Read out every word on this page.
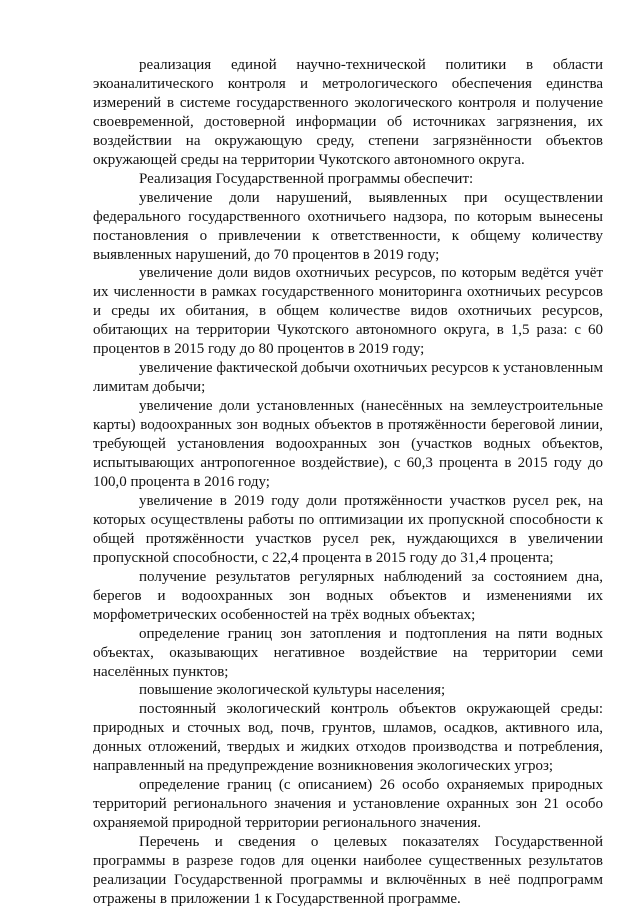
реализация единой научно-технической политики в области экоаналитического контроля и метрологического обеспечения единства измерений в системе государственного экологического контроля и получение своевременной, достоверной информации об источниках загрязнения, их воздействии на окружающую среду, степени загрязнённости объектов окружающей среды на территории Чукотского автономного округа.

Реализация Государственной программы обеспечит:

увеличение доли нарушений, выявленных при осуществлении федерального государственного охотничьего надзора, по которым вынесены постановления о привлечении к ответственности, к общему количеству выявленных нарушений, до 70 процентов в 2019 году;

увеличение доли видов охотничьих ресурсов, по которым ведётся учёт их численности в рамках государственного мониторинга охотничьих ресурсов и среды их обитания, в общем количестве видов охотничьих ресурсов, обитающих на территории Чукотского автономного округа, в 1,5 раза: с 60 процентов в 2015 году до 80 процентов в 2019 году;

увеличение фактической добычи охотничьих ресурсов к установленным лимитам добычи;

увеличение доли установленных (нанесённых на землеустроительные карты) водоохранных зон водных объектов в протяжённости береговой линии, требующей установления водоохранных зон (участков водных объектов, испытывающих антропогенное воздействие), с 60,3 процента в 2015 году до 100,0 процента в 2016 году;

увеличение в 2019 году доли протяжённости участков русел рек, на которых осуществлены работы по оптимизации их пропускной способности к общей протяжённости участков русел рек, нуждающихся в увеличении пропускной способности, с 22,4 процента в 2015 году до 31,4 процента;

получение результатов регулярных наблюдений за состоянием дна, берегов и водоохранных зон водных объектов и изменениями их морфометрических особенностей на трёх водных объектах;

определение границ зон затопления и подтопления на пяти водных объектах, оказывающих негативное воздействие на территории семи населённых пунктов;

повышение экологической культуры населения;

постоянный экологический контроль объектов окружающей среды: природных и сточных вод, почв, грунтов, шламов, осадков, активного ила, донных отложений, твердых и жидких отходов производства и потребления, направленный на предупреждение возникновения экологических угроз;

определение границ (с описанием) 26 особо охраняемых природных территорий регионального значения и установление охранных зон 21 особо охраняемой природной территории регионального значения.

Перечень и сведения о целевых показателях Государственной программы в разрезе годов для оценки наиболее существенных результатов реализации Государственной программы и включённых в неё подпрограмм отражены в приложении 1 к Государственной программе.
